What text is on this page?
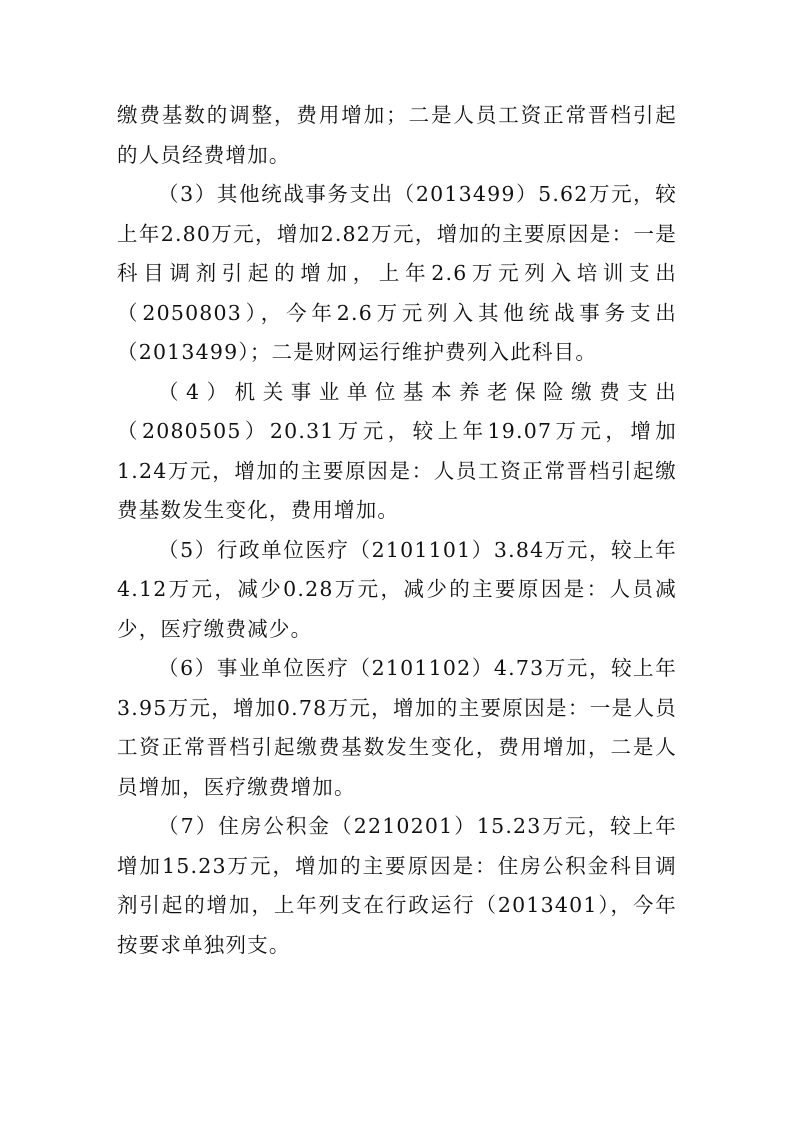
缴费基数的调整，费用增加；二是人员工资正常晋档引起的人员经费增加。

（3）其他统战事务支出（2013499）5.62万元，较上年2.80万元，增加2.82万元，增加的主要原因是：一是科目调剂引起的增加，上年2.6万元列入培训支出（2050803），今年2.6万元列入其他统战事务支出（2013499）；二是财网运行维护费列入此科目。

（4）机关事业单位基本养老保险缴费支出（2080505）20.31万元，较上年19.07万元，增加1.24万元，增加的主要原因是：人员工资正常晋档引起缴费基数发生变化，费用增加。

（5）行政单位医疗（2101101）3.84万元，较上年4.12万元，减少0.28万元，减少的主要原因是：人员减少，医疗缴费减少。

（6）事业单位医疗（2101102）4.73万元，较上年3.95万元，增加0.78万元，增加的主要原因是：一是人员工资正常晋档引起缴费基数发生变化，费用增加，二是人员增加，医疗缴费增加。

（7）住房公积金（2210201）15.23万元，较上年增加15.23万元，增加的主要原因是：住房公积金科目调剂引起的增加，上年列支在行政运行（2013401），今年按要求单独列支。
